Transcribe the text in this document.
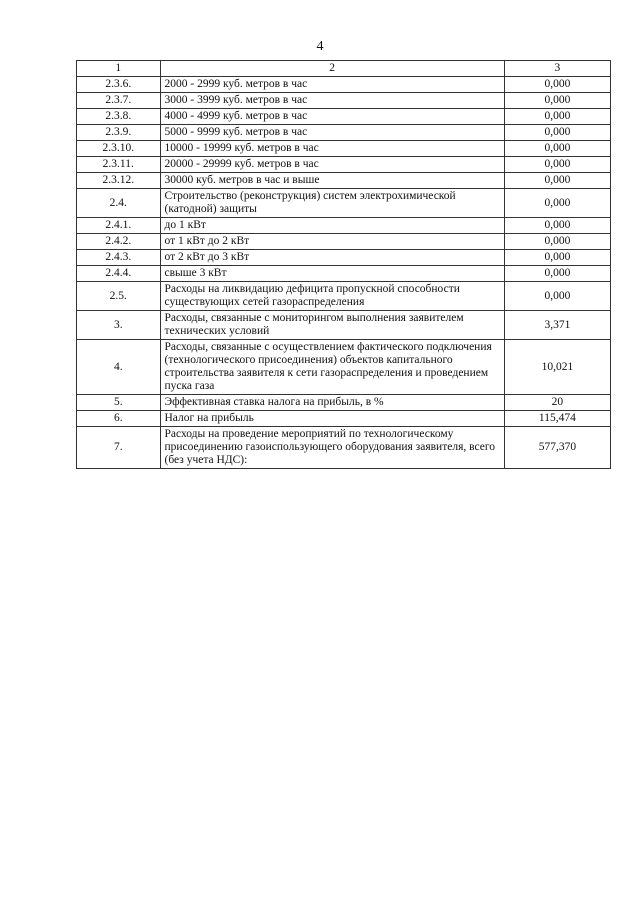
4
1	2	3
2.3.6.	2000 - 2999 куб. метров в час	0,000
2.3.7.	3000 - 3999 куб. метров в час	0,000
2.3.8.	4000 - 4999 куб. метров в час	0,000
2.3.9.	5000 - 9999 куб. метров в час	0,000
2.3.10.	10000 - 19999 куб. метров в час	0,000
2.3.11.	20000 - 29999 куб. метров в час	0,000
2.3.12.	30000 куб. метров в час и выше	0,000
2.4.	Строительство (реконструкция) систем электрохимической (катодной) защиты	0,000
2.4.1.	до 1 кВт	0,000
2.4.2.	от 1 кВт до 2 кВт	0,000
2.4.3.	от 2 кВт до 3 кВт	0,000
2.4.4.	свыше 3 кВт	0,000
2.5.	Расходы на ликвидацию дефицита пропускной способности существующих сетей газораспределения	0,000
3.	Расходы, связанные с мониторингом выполнения заявителем технических условий	3,371
4.	Расходы, связанные с осуществлением фактического подключения (технологического присоединения) объектов капитального строительства заявителя к сети газораспределения и проведением пуска газа	10,021
5.	Эффективная ставка налога на прибыль, в %	20
6.	Налог на прибыль	115,474
7.	Расходы на проведение мероприятий по технологическому присоединению газоиспользующего оборудования заявителя, всего (без учета НДС):	577,370
